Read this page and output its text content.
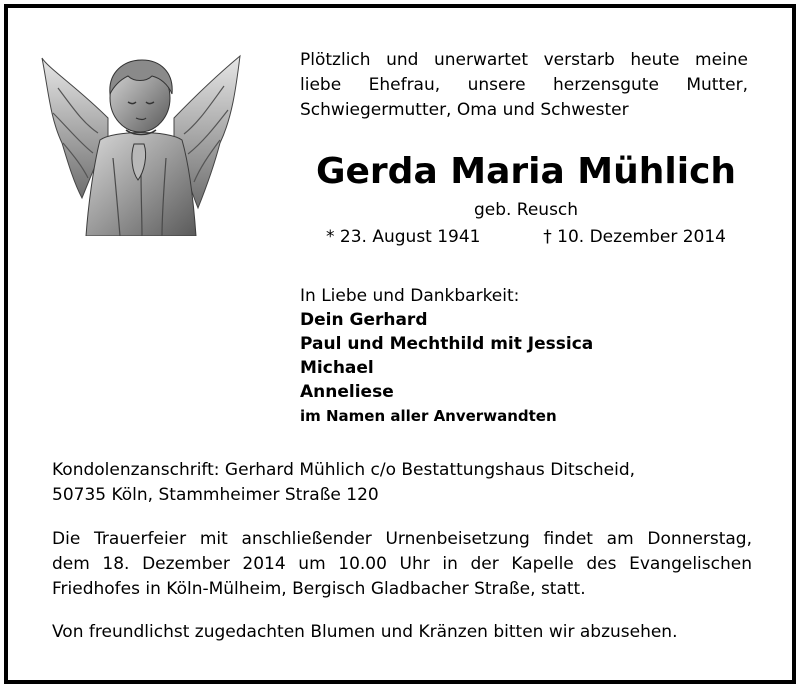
Plötzlich und unerwartet verstarb heute meine
liebe Ehefrau, unsere herzensgute Mutter,
Schwiegermutter, Oma und Schwester
Gerda Maria Mühlich
geb. Reusch
* 23. August 1941	† 10. Dezember 2014
In Liebe und Dankbarkeit:
Dein Gerhard
Paul und Mechthild mit Jessica
Michael
Anneliese
im Namen aller Anverwandten
Kondolenzanschrift: Gerhard Mühlich c/o Bestattungshaus Ditscheid,
50735 Köln, Stammheimer Straße 120
Die Trauerfeier mit anschließender Urnenbeisetzung findet am Donnerstag,
dem 18. Dezember 2014 um 10.00 Uhr in der Kapelle des Evangelischen
Friedhofes in Köln-Mülheim, Bergisch Gladbacher Straße, statt.
Von freundlichst zugedachten Blumen und Kränzen bitten wir abzusehen.
